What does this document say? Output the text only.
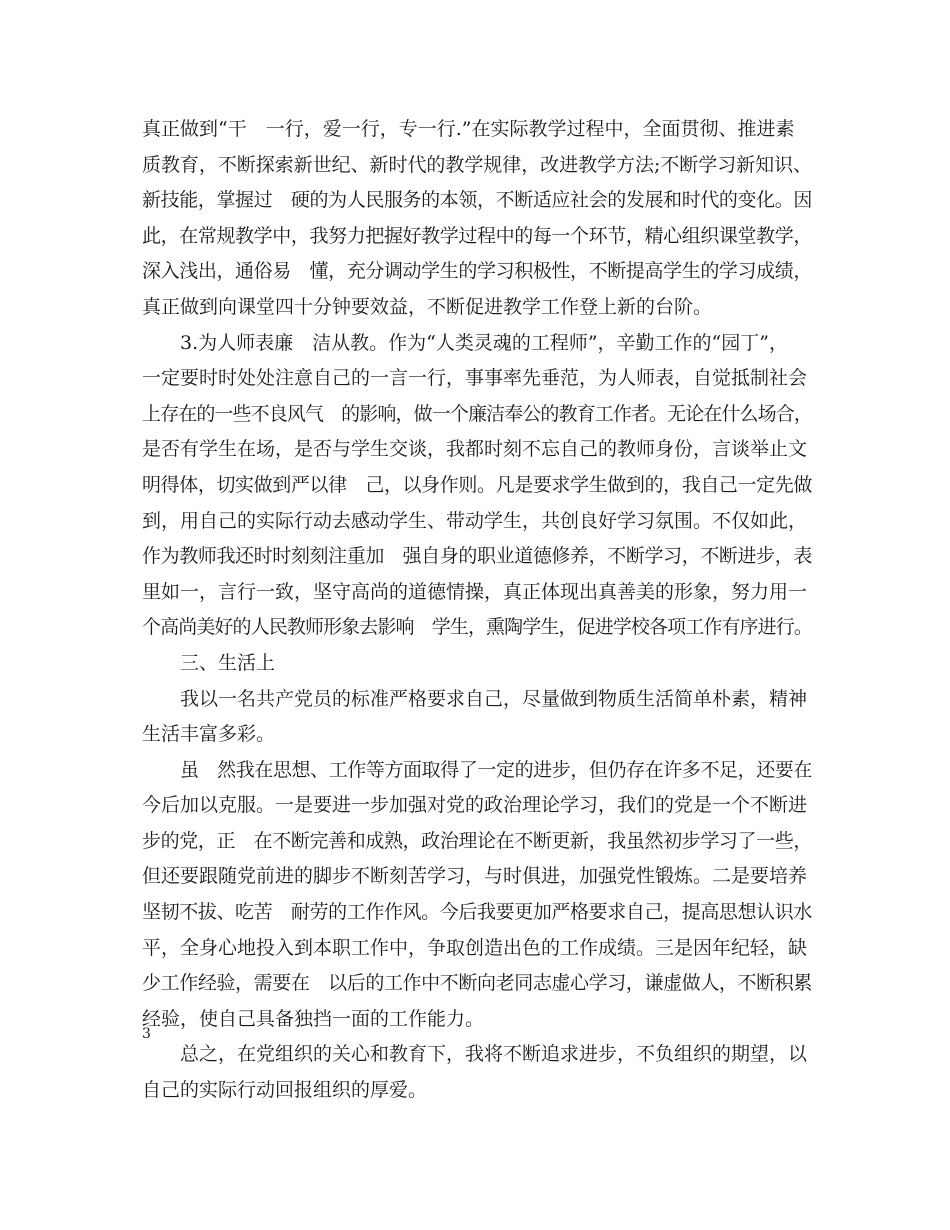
真正做到“干　一行，爱一行，专一行.”在实际教学过程中，全面贯彻、推进素
质教育，不断探索新世纪、新时代的教学规律，改进教学方法;不断学习新知识、
新技能，掌握过　硬的为人民服务的本领，不断适应社会的发展和时代的变化。因
此，在常规教学中，我努力把握好教学过程中的每一个环节，精心组织课堂教学，
深入浅出，通俗易　懂，充分调动学生的学习积极性，不断提高学生的学习成绩，
真正做到向课堂四十分钟要效益，不断促进教学工作登上新的台阶。
3.为人师表廉　洁从教。作为“人类灵魂的工程师”，辛勤工作的“园丁”，
一定要时时处处注意自己的一言一行，事事率先垂范，为人师表，自觉抵制社会
上存在的一些不良风气　的影响，做一个廉洁奉公的教育工作者。无论在什么场合，
是否有学生在场，是否与学生交谈，我都时刻不忘自己的教师身份，言谈举止文
明得体，切实做到严以律　己，以身作则。凡是要求学生做到的，我自己一定先做
到，用自己的实际行动去感动学生、带动学生，共创良好学习氛围。不仅如此，
作为教师我还时时刻刻注重加　强自身的职业道德修养，不断学习，不断进步，表
里如一，言行一致，坚守高尚的道德情操，真正体现出真善美的形象，努力用一
个高尚美好的人民教师形象去影响　学生，熏陶学生，促进学校各项工作有序进行。
三、生活上
我以一名共产党员的标准严格要求自己，尽量做到物质生活简单朴素，精神
生活丰富多彩。
虽　然我在思想、工作等方面取得了一定的进步，但仍存在许多不足，还要在
今后加以克服。一是要进一步加强对党的政治理论学习，我们的党是一个不断进
步的党，正　在不断完善和成熟，政治理论在不断更新，我虽然初步学习了一些，
但还要跟随党前进的脚步不断刻苦学习，与时俱进，加强党性锻炼。二是要培养
坚韧不拔、吃苦　耐劳的工作作风。今后我要更加严格要求自己，提高思想认识水
平，全身心地投入到本职工作中，争取创造出色的工作成绩。三是因年纪轻，缺
少工作经验，需要在　以后的工作中不断向老同志虚心学习，谦虚做人，不断积累
经验，使自己具备独挡一面的工作能力。
总之，在党组织的关心和教育下，我将不断追求进步，不负组织的期望，以
自己的实际行动回报组织的厚爱。
3
